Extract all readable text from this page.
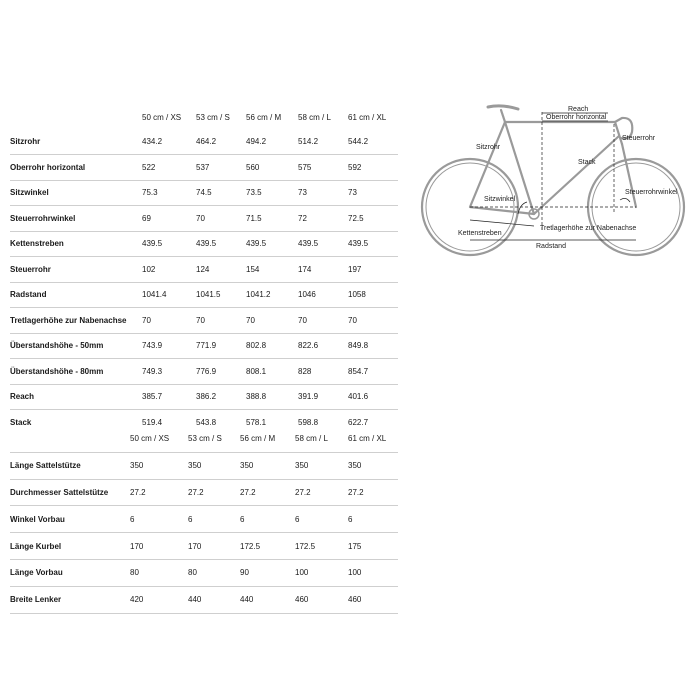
	50 cm / XS	53 cm / S	56 cm / M	58 cm / L	61 cm / XL
Sitzrohr	434.2	464.2	494.2	514.2	544.2
Oberrohr horizontal	522	537	560	575	592
Sitzwinkel	75.3	74.5	73.5	73	73
Steuerrohrwinkel	69	70	71.5	72	72.5
Kettenstreben	439.5	439.5	439.5	439.5	439.5
Steuerrohr	102	124	154	174	197
Radstand	1041.4	1041.5	1041.2	1046	1058
Tretlagerhöhe zur Nabenachse	70	70	70	70	70
Überstandshöhe - 50mm	743.9	771.9	802.8	822.6	849.8
Überstandshöhe - 80mm	749.3	776.9	808.1	828	854.7
Reach	385.7	386.2	388.8	391.9	401.6
Stack	519.4	543.8	578.1	598.8	622.7
	50 cm / XS	53 cm / S	56 cm / M	58 cm / L	61 cm / XL
Länge Sattelstütze	350	350	350	350	350
Durchmesser Sattelstütze	27.2	27.2	27.2	27.2	27.2
Winkel Vorbau	6	6	6	6	6
Länge Kurbel	170	170	172.5	172.5	175
Länge Vorbau	80	80	90	100	100
Breite Lenker	420	440	440	460	460
Reach
Oberrohr horizontal
Sitzrohr
Steuerrohr
Stack
Steuerrohrwinkel
Sitzwinkel
Kettenstreben
Tretlagerhöhe zur Nabenachse
Radstand
